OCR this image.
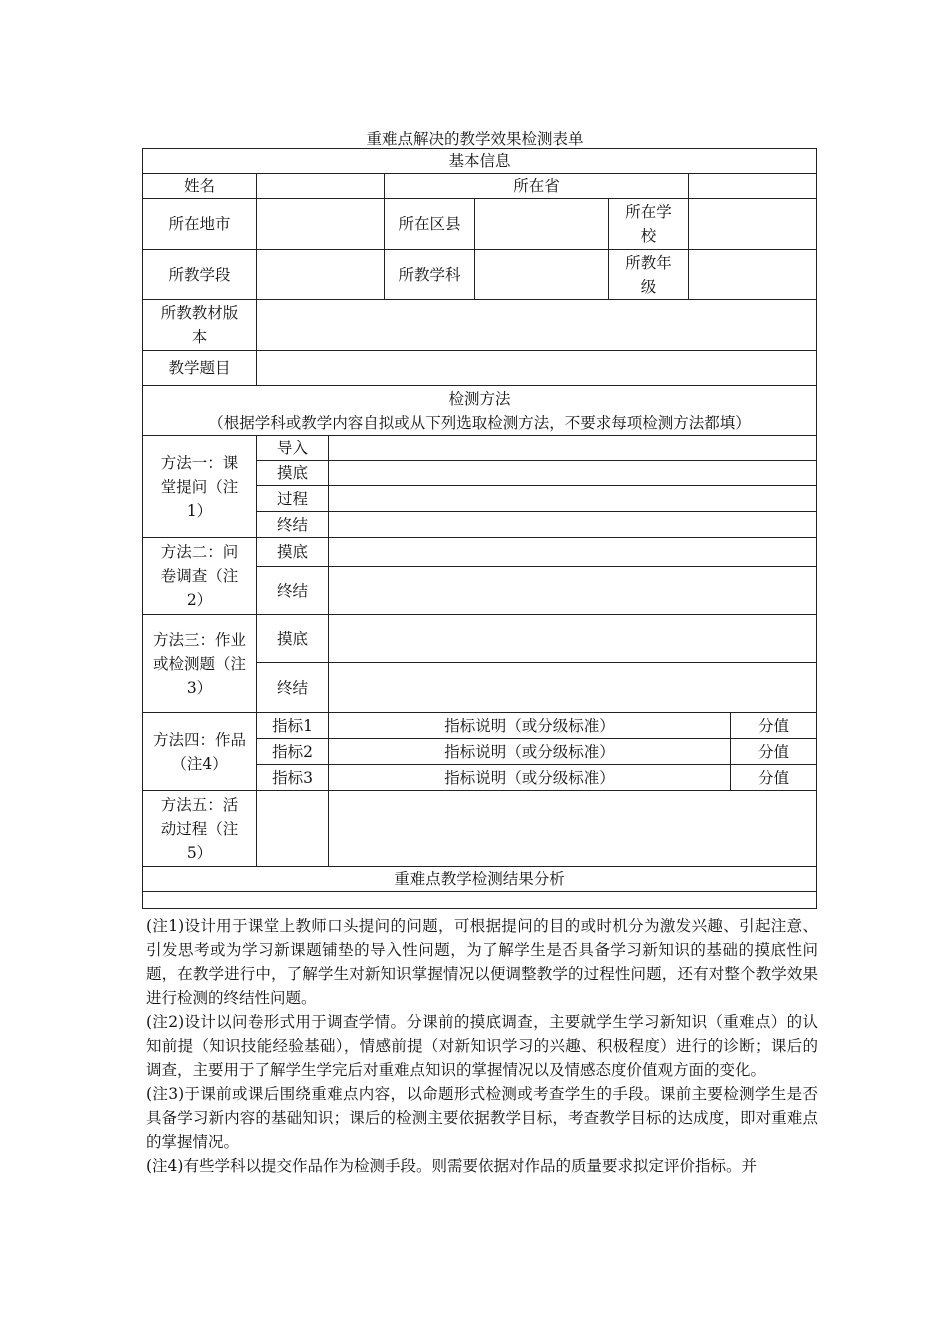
重难点解决的教学效果检测表单
基本信息							
姓名			所在省				
所在地市			所在区县		所在学校		
所教学段			所教学科		所教年级		
所教教材版本							
教学题目							

检测方法
（根据学科或教学内容自拟或从下列选取检测方法，不要求每项检测方法都填）							

方法一：课堂提问（注1）	导入						
	摸底						
	过程						
	终结						
方法二：问卷调查（注2）	摸底						
	终结						
方法三：作业或检测题（注3）	摸底						
	终结						
方法四：作品（注4）	指标1	指标说明（或分级标准）					分值
	指标2	指标说明（或分级标准）					分值
	指标3	指标说明（或分级标准）					分值
方法五：活动过程（注5）							
重难点教学检测结果分析							

(注1)设计用于课堂上教师口头提问的问题，可根据提问的目的或时机分为激发兴趣、引起注意、引发思考或为学习新课题铺垫的导入性问题，为了解学生是否具备学习新知识的基础的摸底性问题，在教学进行中，了解学生对新知识掌握情况以便调整教学的过程性问题，还有对整个教学效果进行检测的终结性问题。

(注2)设计以问卷形式用于调查学情。分课前的摸底调查，主要就学生学习新知识（重难点）的认知前提（知识技能经验基础），情感前提（对新知识学习的兴趣、积极程度）进行的诊断；课后的调查，主要用于了解学生学完后对重难点知识的掌握情况以及情感态度价值观方面的变化。

(注3)于课前或课后围绕重难点内容，以命题形式检测或考查学生的手段。课前主要检测学生是否具备学习新内容的基础知识；课后的检测主要依据教学目标，考查教学目标的达成度，即对重难点的掌握情况。

(注4)有些学科以提交作品作为检测手段。则需要依据对作品的质量要求拟定评价指标。并
